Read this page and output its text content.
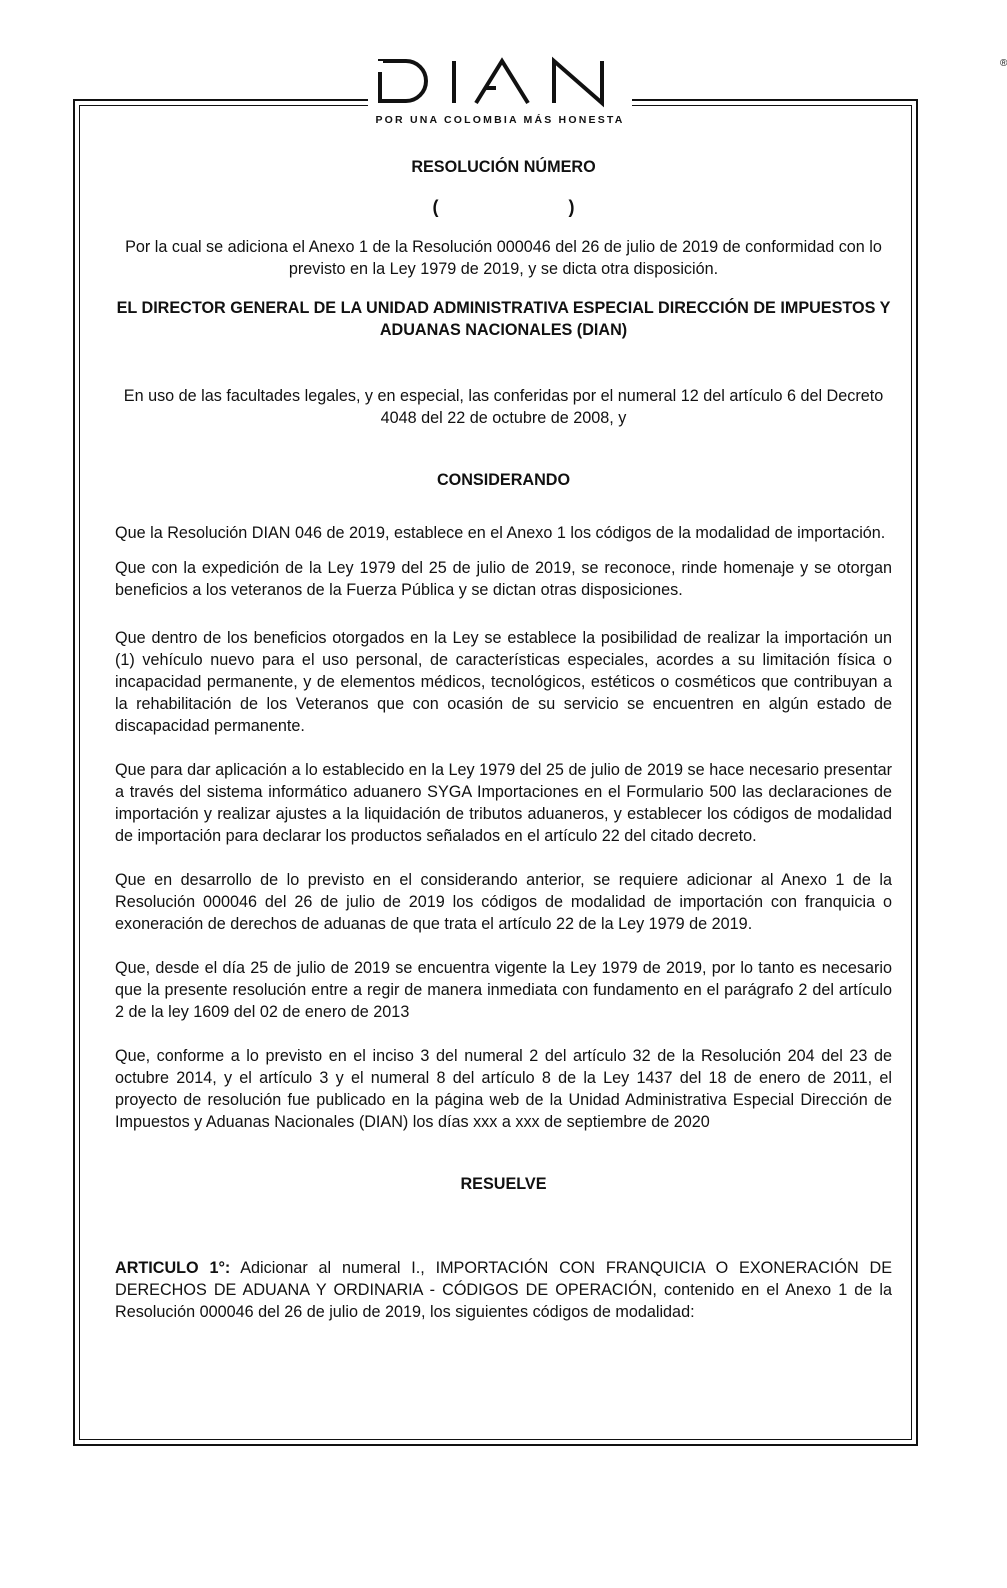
®
POR UNA COLOMBIA MÁS HONESTA

RESOLUCIÓN NÚMERO

(	)

Por la cual se adiciona el Anexo 1 de la Resolución 000046 del 26 de julio de 2019 de conformidad con lo previsto en la Ley 1979 de 2019, y se dicta otra disposición.

EL DIRECTOR GENERAL DE LA UNIDAD ADMINISTRATIVA ESPECIAL DIRECCIÓN DE IMPUESTOS Y ADUANAS NACIONALES (DIAN)

En uso de las facultades legales, y en especial, las conferidas por el numeral 12 del artículo 6 del Decreto 4048 del 22 de octubre de 2008, y

CONSIDERANDO

Que la Resolución DIAN 046 de 2019, establece en el Anexo 1 los códigos de la modalidad de importación.

Que con la expedición de la Ley 1979 del 25 de julio de 2019, se reconoce, rinde homenaje y se otorgan beneficios a los veteranos de la Fuerza Pública y se dictan otras disposiciones.

Que dentro de los beneficios otorgados en la Ley se establece la posibilidad de realizar la importación un (1) vehículo nuevo para el uso personal, de características especiales, acordes a su limitación física o incapacidad permanente, y de elementos médicos, tecnológicos, estéticos o cosméticos que contribuyan a la rehabilitación de los Veteranos que con ocasión de su servicio se encuentren en algún estado de discapacidad permanente.

Que para dar aplicación a lo establecido en la Ley 1979 del 25 de julio de 2019 se hace necesario presentar a través del sistema informático aduanero SYGA Importaciones en el Formulario 500 las declaraciones de importación y realizar ajustes a la liquidación de tributos aduaneros, y establecer los códigos de modalidad de importación para declarar los productos señalados en el artículo 22 del citado decreto.

Que en desarrollo de lo previsto en el considerando anterior, se requiere adicionar al Anexo 1 de la Resolución 000046 del 26 de julio de 2019 los códigos de modalidad de importación con franquicia o exoneración de derechos de aduanas de que trata el artículo 22 de la Ley 1979 de 2019.

Que, desde el día 25 de julio de 2019 se encuentra vigente la Ley 1979 de 2019, por lo tanto es necesario que la presente resolución entre a regir de manera inmediata con fundamento en el parágrafo 2 del artículo 2 de la ley 1609 del 02 de enero de 2013

Que, conforme a lo previsto en el inciso 3 del numeral 2 del artículo 32 de la Resolución 204 del 23 de octubre 2014, y el artículo 3 y el numeral 8 del artículo 8 de la Ley 1437 del 18 de enero de 2011, el proyecto de resolución fue publicado en la página web de la Unidad Administrativa Especial Dirección de Impuestos y Aduanas Nacionales (DIAN) los días xxx a xxx de septiembre de 2020

RESUELVE

ARTICULO 1°: Adicionar al numeral I., IMPORTACIÓN CON FRANQUICIA O EXONERACIÓN DE DERECHOS DE ADUANA Y ORDINARIA - CÓDIGOS DE OPERACIÓN, contenido en el Anexo 1 de la Resolución 000046 del 26 de julio de 2019, los siguientes códigos de modalidad:
